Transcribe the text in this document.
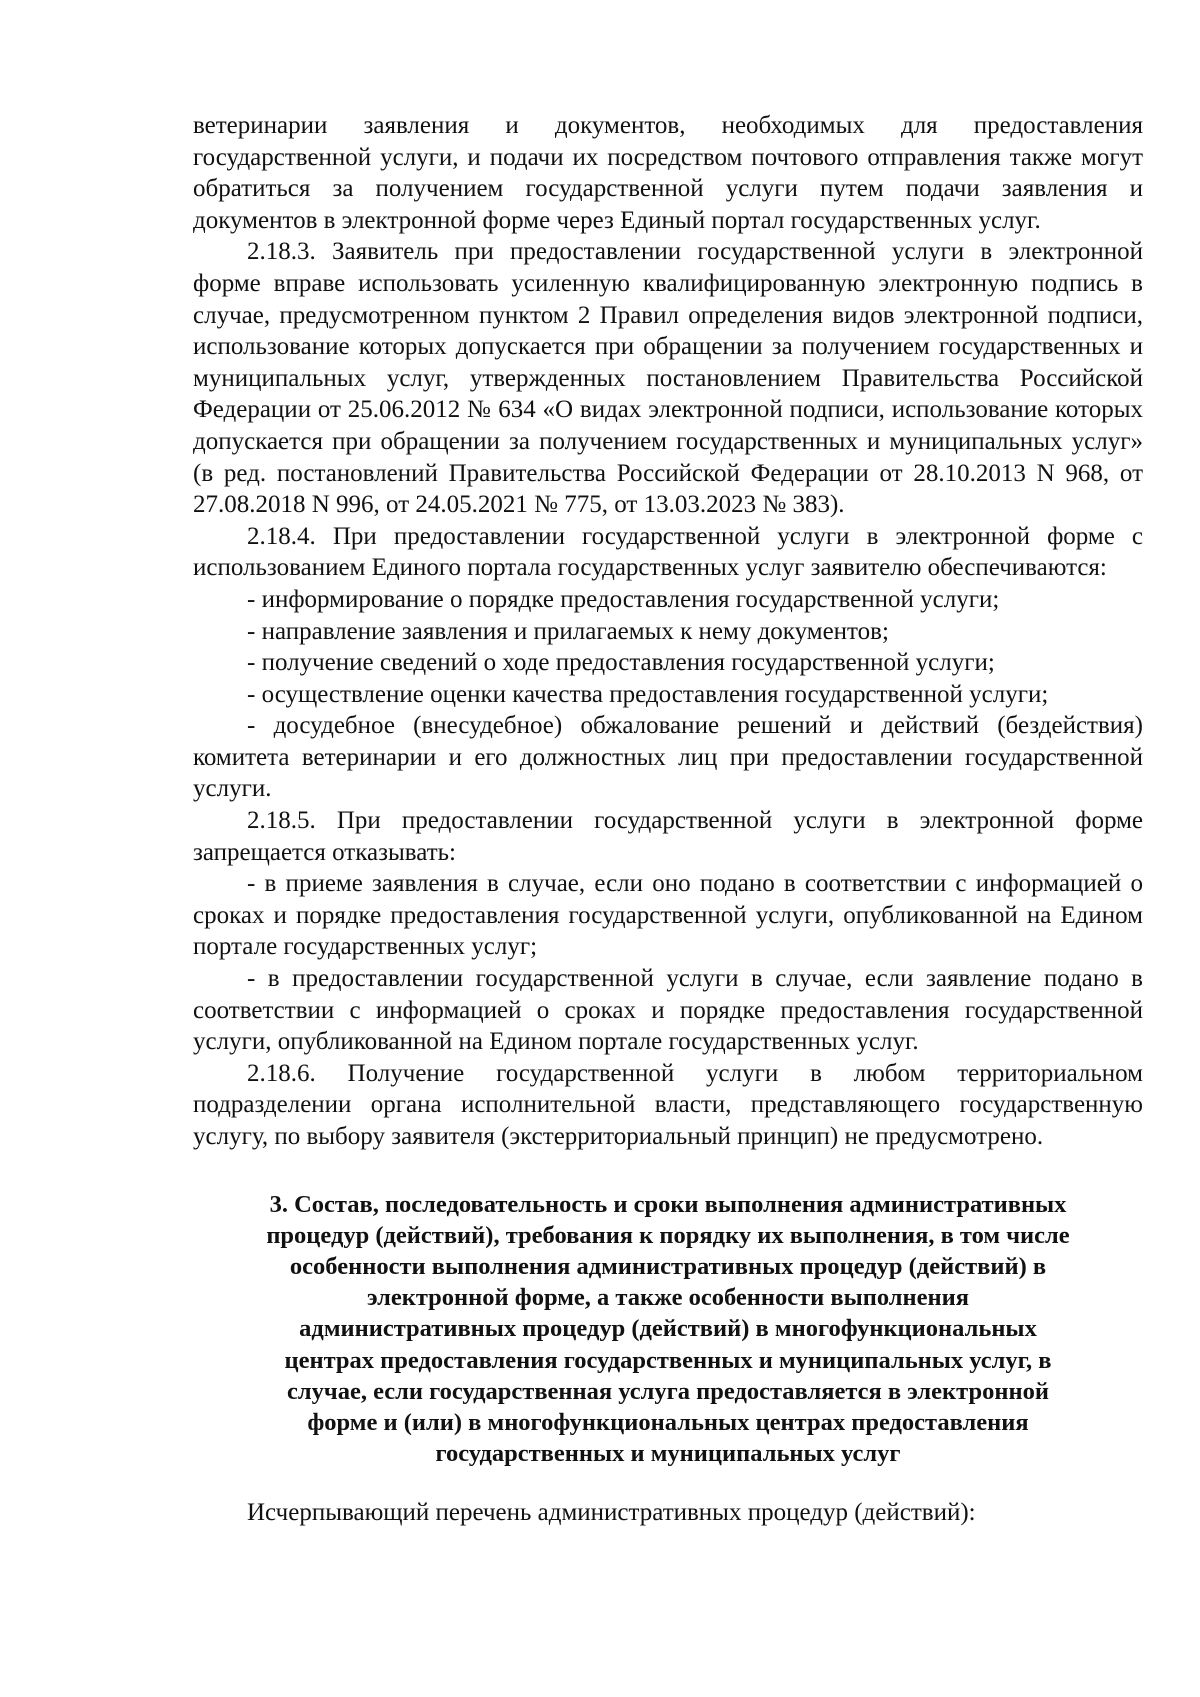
ветеринарии заявления и документов, необходимых для предоставления государственной услуги, и подачи их посредством почтового отправления также могут обратиться за получением государственной услуги путем подачи заявления и документов в электронной форме через Единый портал государственных услуг.

2.18.3. Заявитель при предоставлении государственной услуги в электронной форме вправе использовать усиленную квалифицированную электронную подпись в случае, предусмотренном пунктом 2 Правил определения видов электронной подписи, использование которых допускается при обращении за получением государственных и муниципальных услуг, утвержденных постановлением Правительства Российской Федерации от 25.06.2012 № 634 «О видах электронной подписи, использование которых допускается при обращении за получением государственных и муниципальных услуг» (в ред. постановлений Правительства Российской Федерации от 28.10.2013 N 968, от 27.08.2018 N 996, от 24.05.2021 № 775, от 13.03.2023 № 383).

2.18.4. При предоставлении государственной услуги в электронной форме с использованием Единого портала государственных услуг заявителю обеспечиваются:

- информирование о порядке предоставления государственной услуги;

- направление заявления и прилагаемых к нему документов;

- получение сведений о ходе предоставления государственной услуги;

- осуществление оценки качества предоставления государственной услуги;

- досудебное (внесудебное) обжалование решений и действий (бездействия) комитета ветеринарии и его должностных лиц при предоставлении государственной услуги.

2.18.5. При предоставлении государственной услуги в электронной форме запрещается отказывать:

- в приеме заявления в случае, если оно подано в соответствии с информацией о сроках и порядке предоставления государственной услуги, опубликованной на Едином портале государственных услуг;

- в предоставлении государственной услуги в случае, если заявление подано в соответствии с информацией о сроках и порядке предоставления государственной услуги, опубликованной на Едином портале государственных услуг.

2.18.6. Получение государственной услуги в любом территориальном подразделении органа исполнительной власти, представляющего государственную услугу, по выбору заявителя (экстерриториальный принцип) не предусмотрено.

3. Состав, последовательность и сроки выполнения административных процедур (действий), требования к порядку их выполнения, в том числе особенности выполнения административных процедур (действий) в электронной форме, а также особенности выполнения административных процедур (действий) в многофункциональных центрах предоставления государственных и муниципальных услуг, в случае, если государственная услуга предоставляется в электронной форме и (или) в многофункциональных центрах предоставления государственных и муниципальных услуг

Исчерпывающий перечень административных процедур (действий):
